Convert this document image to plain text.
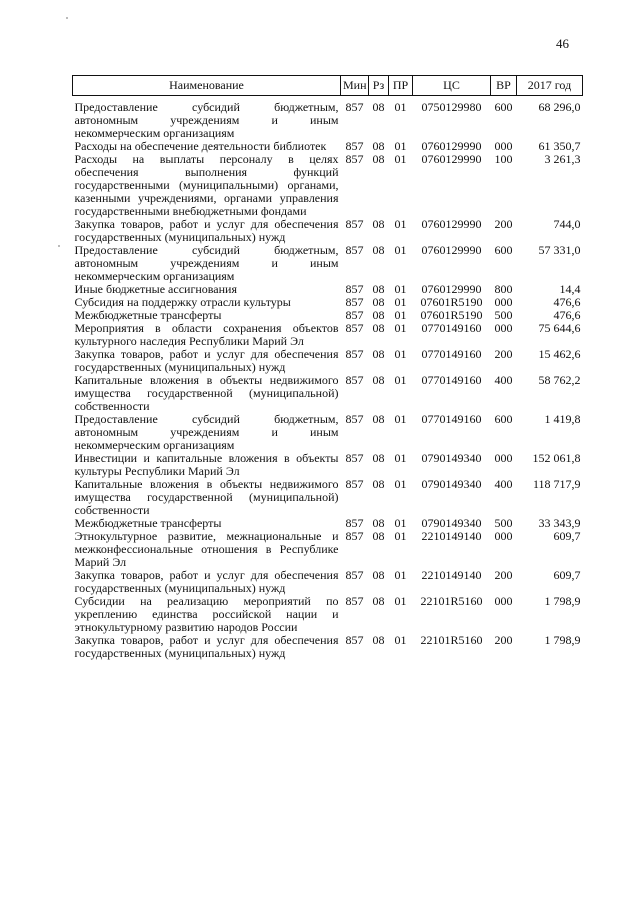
46
Наименование	Мин	Рз	ПР	ЦС	ВР	2017 год
Предоставление субсидий бюджетным, автономным учреждениям и иным некоммерческим организациям	857	08	01	0750129980	600	68 296,0
Расходы на обеспечение деятельности библиотек	857	08	01	0760129990	000	61 350,7
Расходы на выплаты персоналу в целях обеспечения выполнения функций государственными (муниципальными) органами, казенными учреждениями, органами управления государственными внебюджетными фондами	857	08	01	0760129990	100	3 261,3
Закупка товаров, работ и услуг для обеспечения государственных (муниципальных) нужд	857	08	01	0760129990	200	744,0
Предоставление субсидий бюджетным, автономным учреждениям и иным некоммерческим организациям	857	08	01	0760129990	600	57 331,0
Иные бюджетные ассигнования	857	08	01	0760129990	800	14,4
Субсидия на поддержку отрасли культуры	857	08	01	07601R5190	000	476,6
Межбюджетные трансферты	857	08	01	07601R5190	500	476,6
Мероприятия в области сохранения объектов культурного наследия Республики Марий Эл	857	08	01	0770149160	000	75 644,6
Закупка товаров, работ и услуг для обеспечения государственных (муниципальных) нужд	857	08	01	0770149160	200	15 462,6
Капитальные вложения в объекты недвижимого имущества государственной (муниципальной) собственности	857	08	01	0770149160	400	58 762,2
Предоставление субсидий бюджетным, автономным учреждениям и иным некоммерческим организациям	857	08	01	0770149160	600	1 419,8
Инвестиции и капитальные вложения в объекты культуры Республики Марий Эл	857	08	01	0790149340	000	152 061,8
Капитальные вложения в объекты недвижимого имущества государственной (муниципальной) собственности	857	08	01	0790149340	400	118 717,9
Межбюджетные трансферты	857	08	01	0790149340	500	33 343,9
Этнокультурное развитие, межнациональные и межконфессиональные отношения в Республике Марий Эл	857	08	01	2210149140	000	609,7
Закупка товаров, работ и услуг для обеспечения государственных (муниципальных) нужд	857	08	01	2210149140	200	609,7
Субсидии на реализацию мероприятий по укреплению единства российской нации и этнокультурному развитию народов России	857	08	01	22101R5160	000	1 798,9
Закупка товаров, работ и услуг для обеспечения государственных (муниципальных) нужд	857	08	01	22101R5160	200	1 798,9
